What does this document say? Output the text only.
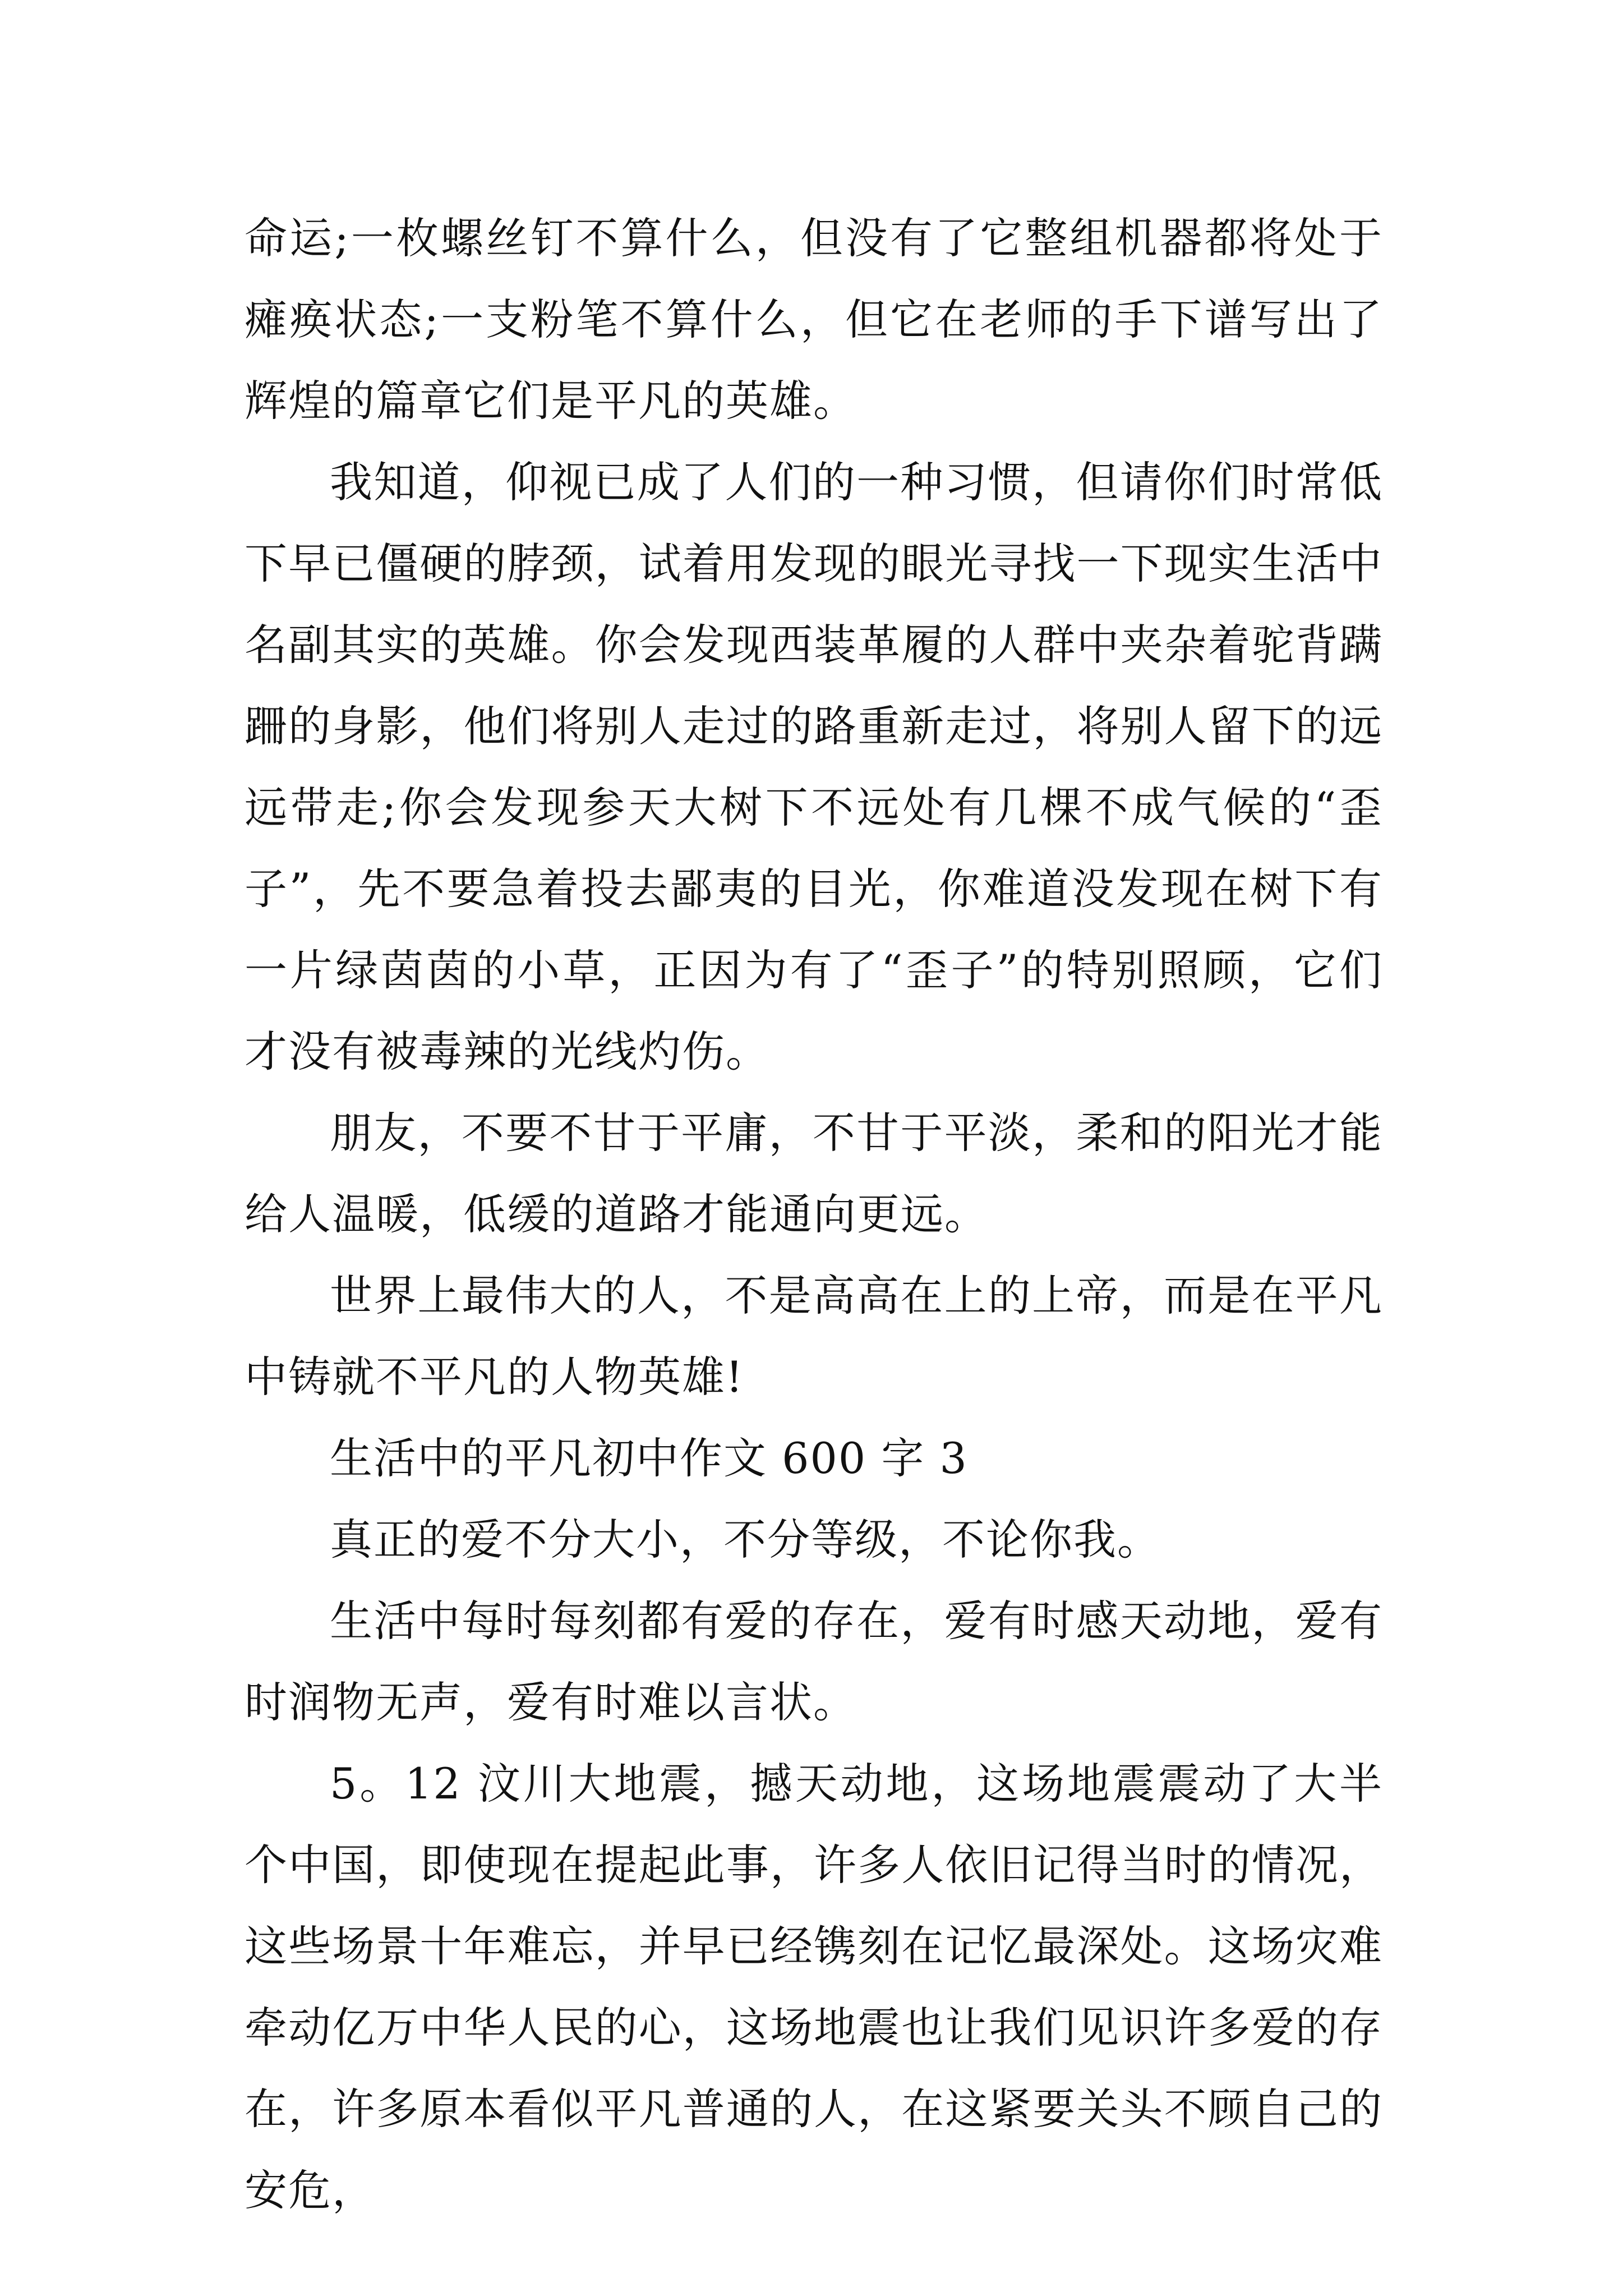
命运;一枚螺丝钉不算什么，但没有了它整组机器都将处于瘫痪状态;一支粉笔不算什么，但它在老师的手下谱写出了辉煌的篇章它们是平凡的英雄。

我知道，仰视已成了人们的一种习惯，但请你们时常低下早已僵硬的脖颈，试着用发现的眼光寻找一下现实生活中名副其实的英雄。你会发现西装革履的人群中夹杂着驼背蹒跚的身影，他们将别人走过的路重新走过，将别人留下的远远带走;你会发现参天大树下不远处有几棵不成气候的“歪子”，先不要急着投去鄙夷的目光，你难道没发现在树下有一片绿茵茵的小草，正因为有了“歪子”的特别照顾，它们才没有被毒辣的光线灼伤。

朋友，不要不甘于平庸，不甘于平淡，柔和的阳光才能给人温暖，低缓的道路才能通向更远。

世界上最伟大的人，不是高高在上的上帝，而是在平凡中铸就不平凡的人物英雄!

生活中的平凡初中作文 600 字 3

真正的爱不分大小，不分等级，不论你我。

生活中每时每刻都有爱的存在，爱有时感天动地，爱有时润物无声，爱有时难以言状。

5。12 汶川大地震，撼天动地，这场地震震动了大半个中国，即使现在提起此事，许多人依旧记得当时的情况，这些场景十年难忘，并早已经镌刻在记忆最深处。这场灾难牵动亿万中华人民的心，这场地震也让我们见识许多爱的存在，许多原本看似平凡普通的人，在这紧要关头不顾自己的安危，
